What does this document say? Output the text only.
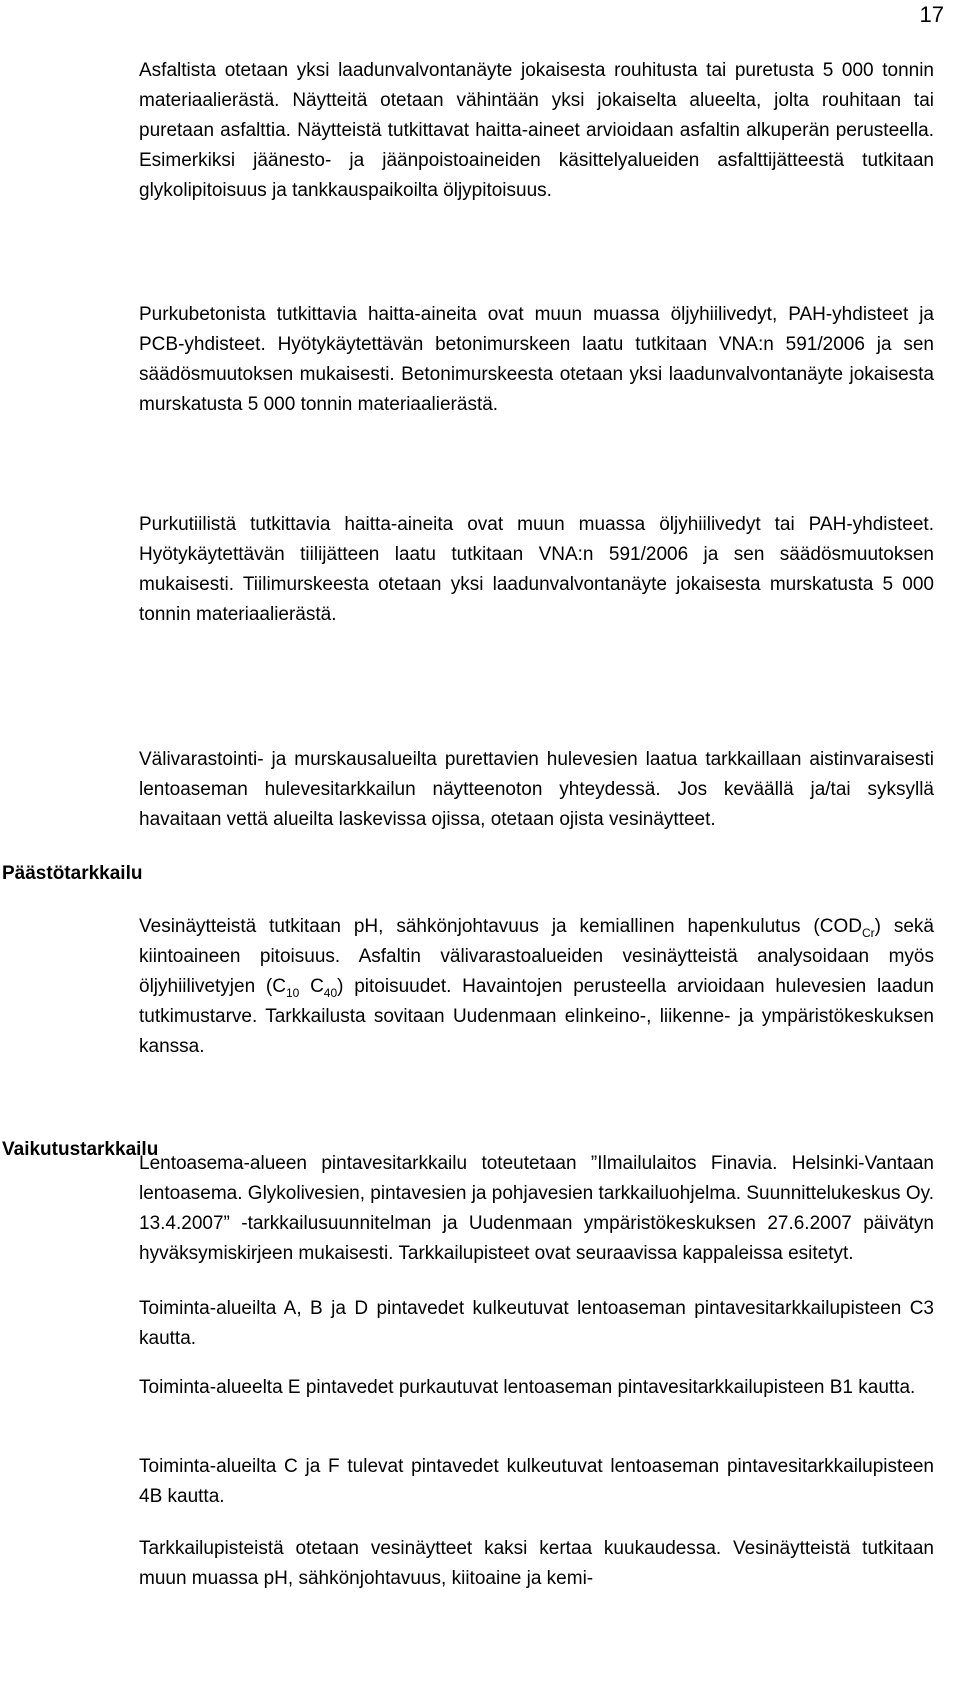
17
Päästötarkkailu
Vaikutustarkkailu

Asfaltista otetaan yksi laadunvalvontanäyte jokaisesta rouhitusta tai puretusta 5 000 tonnin materiaalierästä. Näytteitä otetaan vähintään yksi jokaiselta alueelta, jolta rouhitaan tai puretaan asfalttia. Näytteistä tutkittavat haitta-aineet arvioidaan asfaltin alkuperän perusteella. Esimerkiksi jäänesto- ja jäänpoistoaineiden käsittelyalueiden asfalttijätteestä tutkitaan glykolipitoisuus ja tankkauspaikoilta öljypitoisuus.

Purkubetonista tutkittavia haitta-aineita ovat muun muassa öljyhiilivedyt, PAH-yhdisteet ja PCB-yhdisteet. Hyötykäytettävän betonimurskeen laatu tutkitaan VNA:n 591/2006 ja sen säädösmuutoksen mukaisesti. Betonimurskeesta otetaan yksi laadunvalvontanäyte jokaisesta murskatusta 5 000 tonnin materiaalierästä.

Purkutiilistä tutkittavia haitta-aineita ovat muun muassa öljyhiilivedyt tai PAH-yhdisteet. Hyötykäytettävän tiilijätteen laatu tutkitaan VNA:n 591/2006 ja sen säädösmuutoksen mukaisesti. Tiilimurskeesta otetaan yksi laadunvalvontanäyte jokaisesta murskatusta 5 000 tonnin materiaalierästä.

Välivarastointi- ja murskausalueilta purettavien hulevesien laatua tarkkaillaan aistinvaraisesti lentoaseman hulevesitarkkailun näytteenoton yhteydessä. Jos keväällä ja/tai syksyllä havaitaan vettä alueilta laskevissa ojissa, otetaan ojista vesinäytteet.

Vesinäytteistä tutkitaan pH, sähkönjohtavuus ja kemiallinen hapenkulutus $(COD_{Cr})$ sekä kiintoaineen pitoisuus. Asfaltin välivarastoalueiden vesinäytteistä analysoidaan myös öljyhiilivetyjen ($C_{10}$ $C_{40}$) pitoisuudet. Havaintojen perusteella arvioidaan hulevesien laadun tutkimustarve. Tarkkailusta sovitaan Uudenmaan elinkeino-, liikenne- ja ympäristökeskuksen kanssa.

Lentoasema-alueen pintavesitarkkailu toteutetaan ”Ilmailulaitos Finavia. Helsinki-Vantaan lentoasema. Glykolivesien, pintavesien ja pohjavesien tarkkailuohjelma. Suunnittelukeskus Oy. 13.4.2007” -tarkkailusuunnitelman ja Uudenmaan ympäristökeskuksen 27.6.2007 päivätyn hyväksymiskirjeen mukaisesti. Tarkkailupisteet ovat seuraavissa kappaleissa esitetyt.

Toiminta-alueilta A, B ja D pintavedet kulkeutuvat lentoaseman pintavesitarkkailupisteen C3 kautta.

Toiminta-alueelta E pintavedet purkautuvat lentoaseman pintavesitarkkailupisteen B1 kautta.

Toiminta-alueilta C ja F tulevat pintavedet kulkeutuvat lentoaseman pintavesitarkkailupisteen 4B kautta.

Tarkkailupisteistä otetaan vesinäytteet kaksi kertaa kuukaudessa. Vesinäytteistä tutkitaan muun muassa pH, sähkönjohtavuus, kiitoaine ja kemi-
